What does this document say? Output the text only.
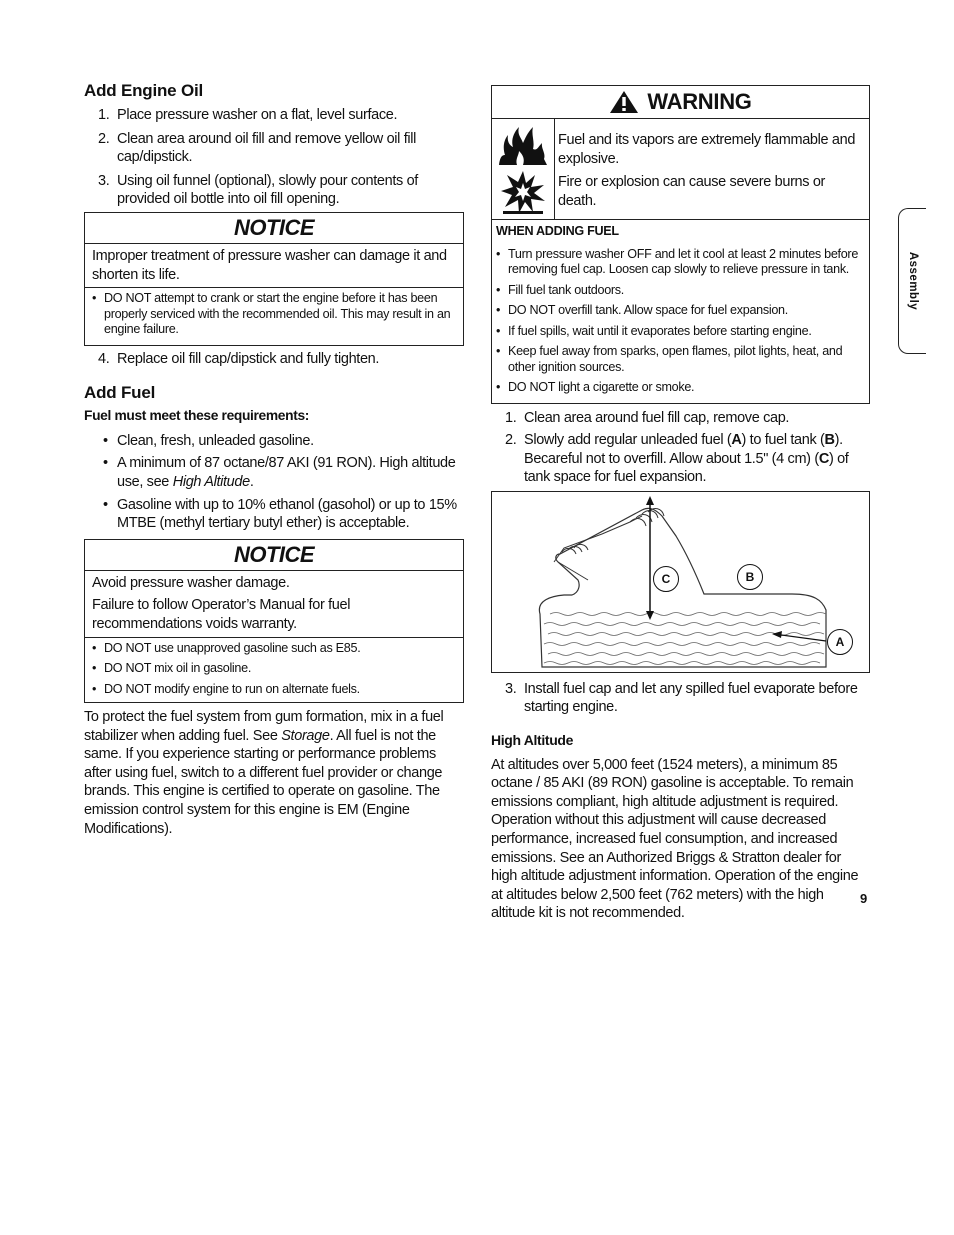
Add Engine Oil
1. Place pressure washer on a flat, level surface.
2. Clean area around oil fill and remove yellow oil fill cap/dipstick.
3. Using oil funnel (optional), slowly pour contents of provided oil bottle into oil fill opening.
NOTICE
Improper treatment of pressure washer can damage it and shorten its life.
• DO NOT attempt to crank or start the engine before it has been properly serviced with the recommended oil. This may result in an engine failure.
4. Replace oil fill cap/dipstick and fully tighten.
Add Fuel
Fuel must meet these requirements:
• Clean, fresh, unleaded gasoline.
• A minimum of 87 octane/87 AKI (91 RON). High altitude use, see High Altitude.
• Gasoline with up to 10% ethanol (gasohol) or up to 15% MTBE (methyl tertiary butyl ether) is acceptable.
NOTICE
Avoid pressure washer damage.
Failure to follow Operator’s Manual for fuel recommendations voids warranty.
• DO NOT use unapproved gasoline such as E85.
• DO NOT mix oil in gasoline.
• DO NOT modify engine to run on alternate fuels.

To protect the fuel system from gum formation, mix in a fuel stabilizer when adding fuel. See Storage. All fuel is not the same. If you experience starting or performance problems after using fuel, switch to a different fuel provider or change brands. This engine is certified to operate on gasoline. The emission control system for this engine is EM (Engine Modifications).

WARNING
Fuel and its vapors are extremely flammable and explosive.
Fire or explosion can cause severe burns or death.
WHEN ADDING FUEL
• Turn pressure washer OFF and let it cool at least 2 minutes before removing fuel cap. Loosen cap slowly to relieve pressure in tank.
• Fill fuel tank outdoors.
• DO NOT overfill tank. Allow space for fuel expansion.
• If fuel spills, wait until it evaporates before starting engine.
• Keep fuel away from sparks, open flames, pilot lights, heat, and other ignition sources.
• DO NOT light a cigarette or smoke.
1. Clean area around fuel fill cap, remove cap.
2. Slowly add regular unleaded fuel (A) to fuel tank (B). Becareful not to overfill. Allow about 1.5" (4 cm) (C) of tank space for fuel expansion.
C	B
A
3. Install fuel cap and let any spilled fuel evaporate before starting engine.
High Altitude

At altitudes over 5,000 feet (1524 meters), a minimum 85 octane / 85 AKI (89 RON) gasoline is acceptable. To remain emissions compliant, high altitude adjustment is required. Operation without this adjustment will cause decreased performance, increased fuel consumption, and increased emissions. See an Authorized Briggs & Stratton dealer for high altitude adjustment information. Operation of the engine at altitudes below 2,500 feet (762 meters) with the high altitude kit is not recommended.

Assembly
9
